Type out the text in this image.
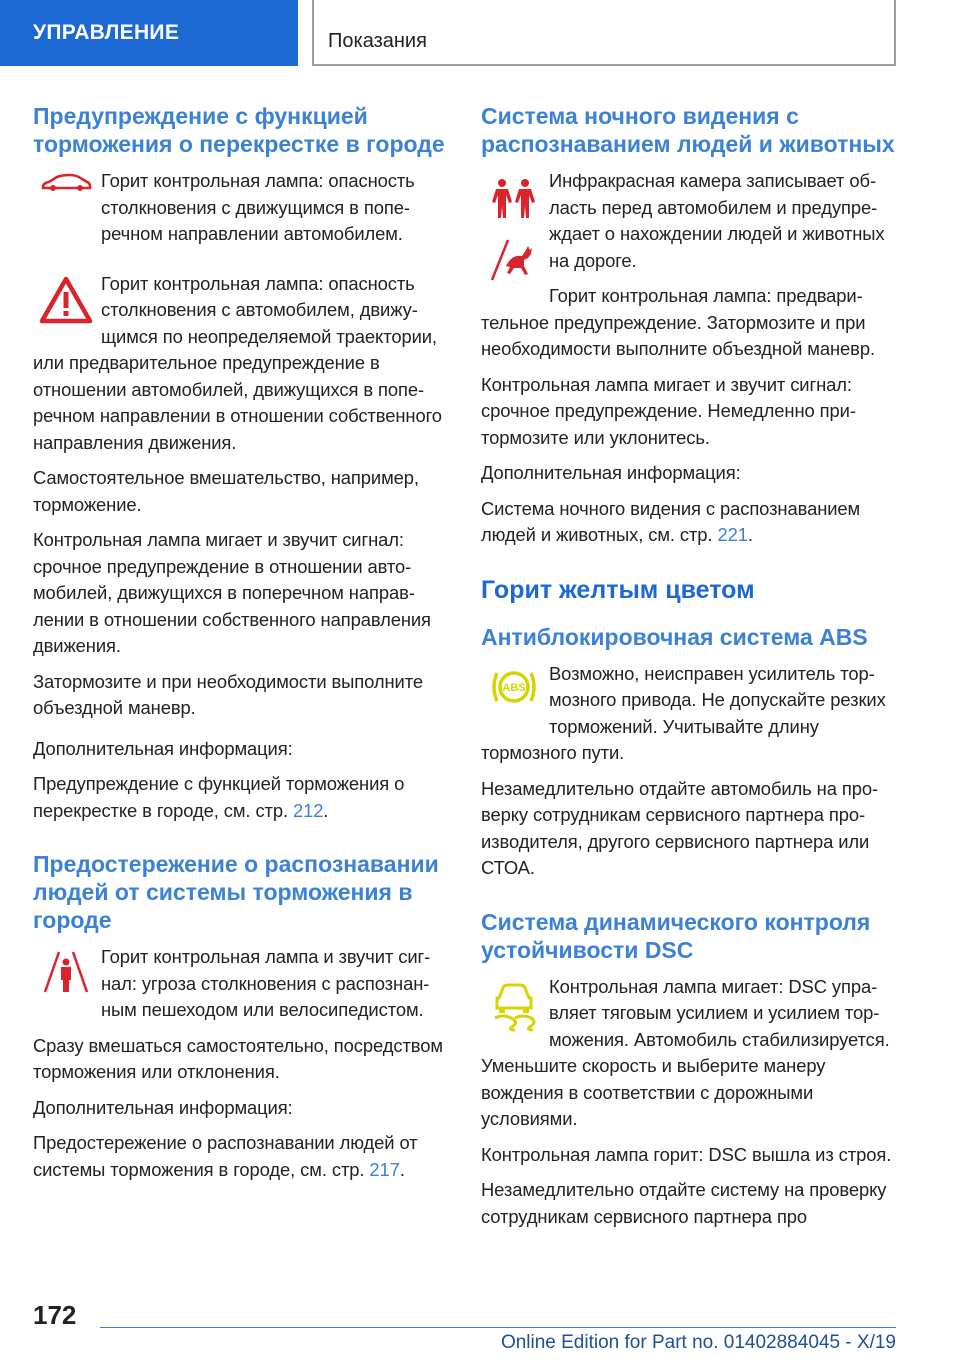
УПРАВЛЕНИЕ	Показания
Предупреждение с функцией торможения о перекрестке в городе

Горит контрольная лампа: опасность столкновения с движущимся в поперечном направлении автомобилем.

Горит контрольная лампа: опасность столкновения с автомобилем, движущимся по неопределяемой траектории, или предварительное предупреждение в отношении автомобилей, движущихся в поперечном направлении в отношении собственного направления движения.

Самостоятельное вмешательство, например, торможение.

Контрольная лампа мигает и звучит сигнал: срочное предупреждение в отношении автомобилей, движущихся в поперечном направлении в отношении собственного направления движения.

Затормозите и при необходимости выполните объездной маневр.

Дополнительная информация:

Предупреждение с функцией торможения о перекрестке в городе, см. стр. 212.

Предостережение о распознавании людей от системы торможения в городе

Горит контрольная лампа и звучит сигнал: угроза столкновения с распознанным пешеходом или велосипедистом.

Сразу вмешаться самостоятельно, посредством торможения или отклонения.

Дополнительная информация:

Предостережение о распознавании людей от системы торможения в городе, см. стр. 217.

Система ночного видения с распознаванием людей и животных

Инфракрасная камера записывает область перед автомобилем и предупреждает о нахождении людей и животных на дороге.

Горит контрольная лампа: предварительное предупреждение. Затормозите и при необходимости выполните объездной маневр.

Контрольная лампа мигает и звучит сигнал: срочное предупреждение. Немедленно притормозите или уклонитесь.

Дополнительная информация:

Система ночного видения с распознаванием людей и животных, см. стр. 221.

Горит желтым цветом
Антиблокировочная система ABS
ABS

Возможно, неисправен усилитель тормозного привода. Не допускайте резких торможений. Учитывайте длину тормозного пути.

Незамедлительно отдайте автомобиль на проверку сотрудникам сервисного партнера производителя, другого сервисного партнера или СТОА.

Система динамического контроля устойчивости DSC

Контрольная лампа мигает: DSC управляет тяговым усилием и усилием торможения. Автомобиль стабилизируется. Уменьшите скорость и выберите манеру вождения в соответствии с дорожными условиями.

Контрольная лампа горит: DSC вышла из строя.

Незамедлительно отдайте систему на проверку сотрудникам сервисного партнера про

172
Online Edition for Part no. 01402884045 - X/19
